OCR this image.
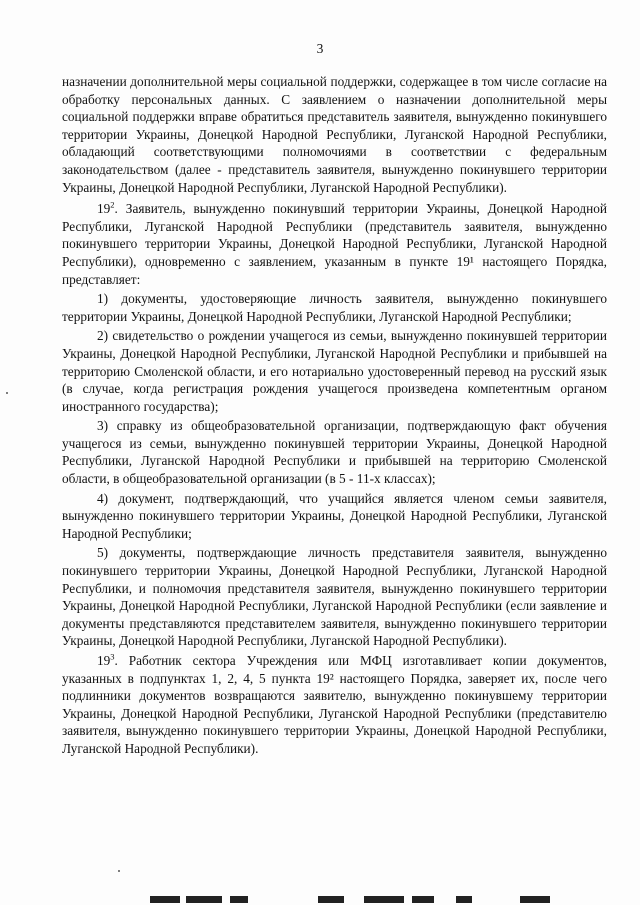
3

назначении дополнительной меры социальной поддержки, содержащее в том числе согласие на обработку персональных данных. С заявлением о назначении дополнительной меры социальной поддержки вправе обратиться представитель заявителя, вынужденно покинувшего территории Украины, Донецкой Народной Республики, Луганской Народной Республики, обладающий соответствующими полномочиями в соответствии с федеральным законодательством (далее - представитель заявителя, вынужденно покинувшего территории Украины, Донецкой Народной Республики, Луганской Народной Республики).

$19^2$. Заявитель, вынужденно покинувший территории Украины, Донецкой Народной Республики, Луганской Народной Республики (представитель заявителя, вынужденно покинувшего территории Украины, Донецкой Народной Республики, Луганской Народной Республики), одновременно с заявлением, указанным в пункте 19¹ настоящего Порядка, представляет:

1) документы, удостоверяющие личность заявителя, вынужденно покинувшего территории Украины, Донецкой Народной Республики, Луганской Народной Республики;

2) свидетельство о рождении учащегося из семьи, вынужденно покинувшей территории Украины, Донецкой Народной Республики, Луганской Народной Республики и прибывшей на территорию Смоленской области, и его нотариально удостоверенный перевод на русский язык (в случае, когда регистрация рождения учащегося произведена компетентным органом иностранного государства);

3) справку из общеобразовательной организации, подтверждающую факт обучения учащегося из семьи, вынужденно покинувшей территории Украины, Донецкой Народной Республики, Луганской Народной Республики и прибывшей на территорию Смоленской области, в общеобразовательной организации (в 5 - 11-х классах);

4) документ, подтверждающий, что учащийся является членом семьи заявителя, вынужденно покинувшего территории Украины, Донецкой Народной Республики, Луганской Народной Республики;

5) документы, подтверждающие личность представителя заявителя, вынужденно покинувшего территории Украины, Донецкой Народной Республики, Луганской Народной Республики, и полномочия представителя заявителя, вынужденно покинувшего территории Украины, Донецкой Народной Республики, Луганской Народной Республики (если заявление и документы представляются представителем заявителя, вынужденно покинувшего территории Украины, Донецкой Народной Республики, Луганской Народной Республики).

$19^3$. Работник сектора Учреждения или МФЦ изготавливает копии документов, указанных в подпунктах 1, 2, 4, 5 пункта 19² настоящего Порядка, заверяет их, после чего подлинники документов возвращаются заявителю, вынужденно покинувшему территории Украины, Донецкой Народной Республики, Луганской Народной Республики (представителю заявителя, вынужденно покинувшего территории Украины, Донецкой Народной Республики, Луганской Народной Республики).
